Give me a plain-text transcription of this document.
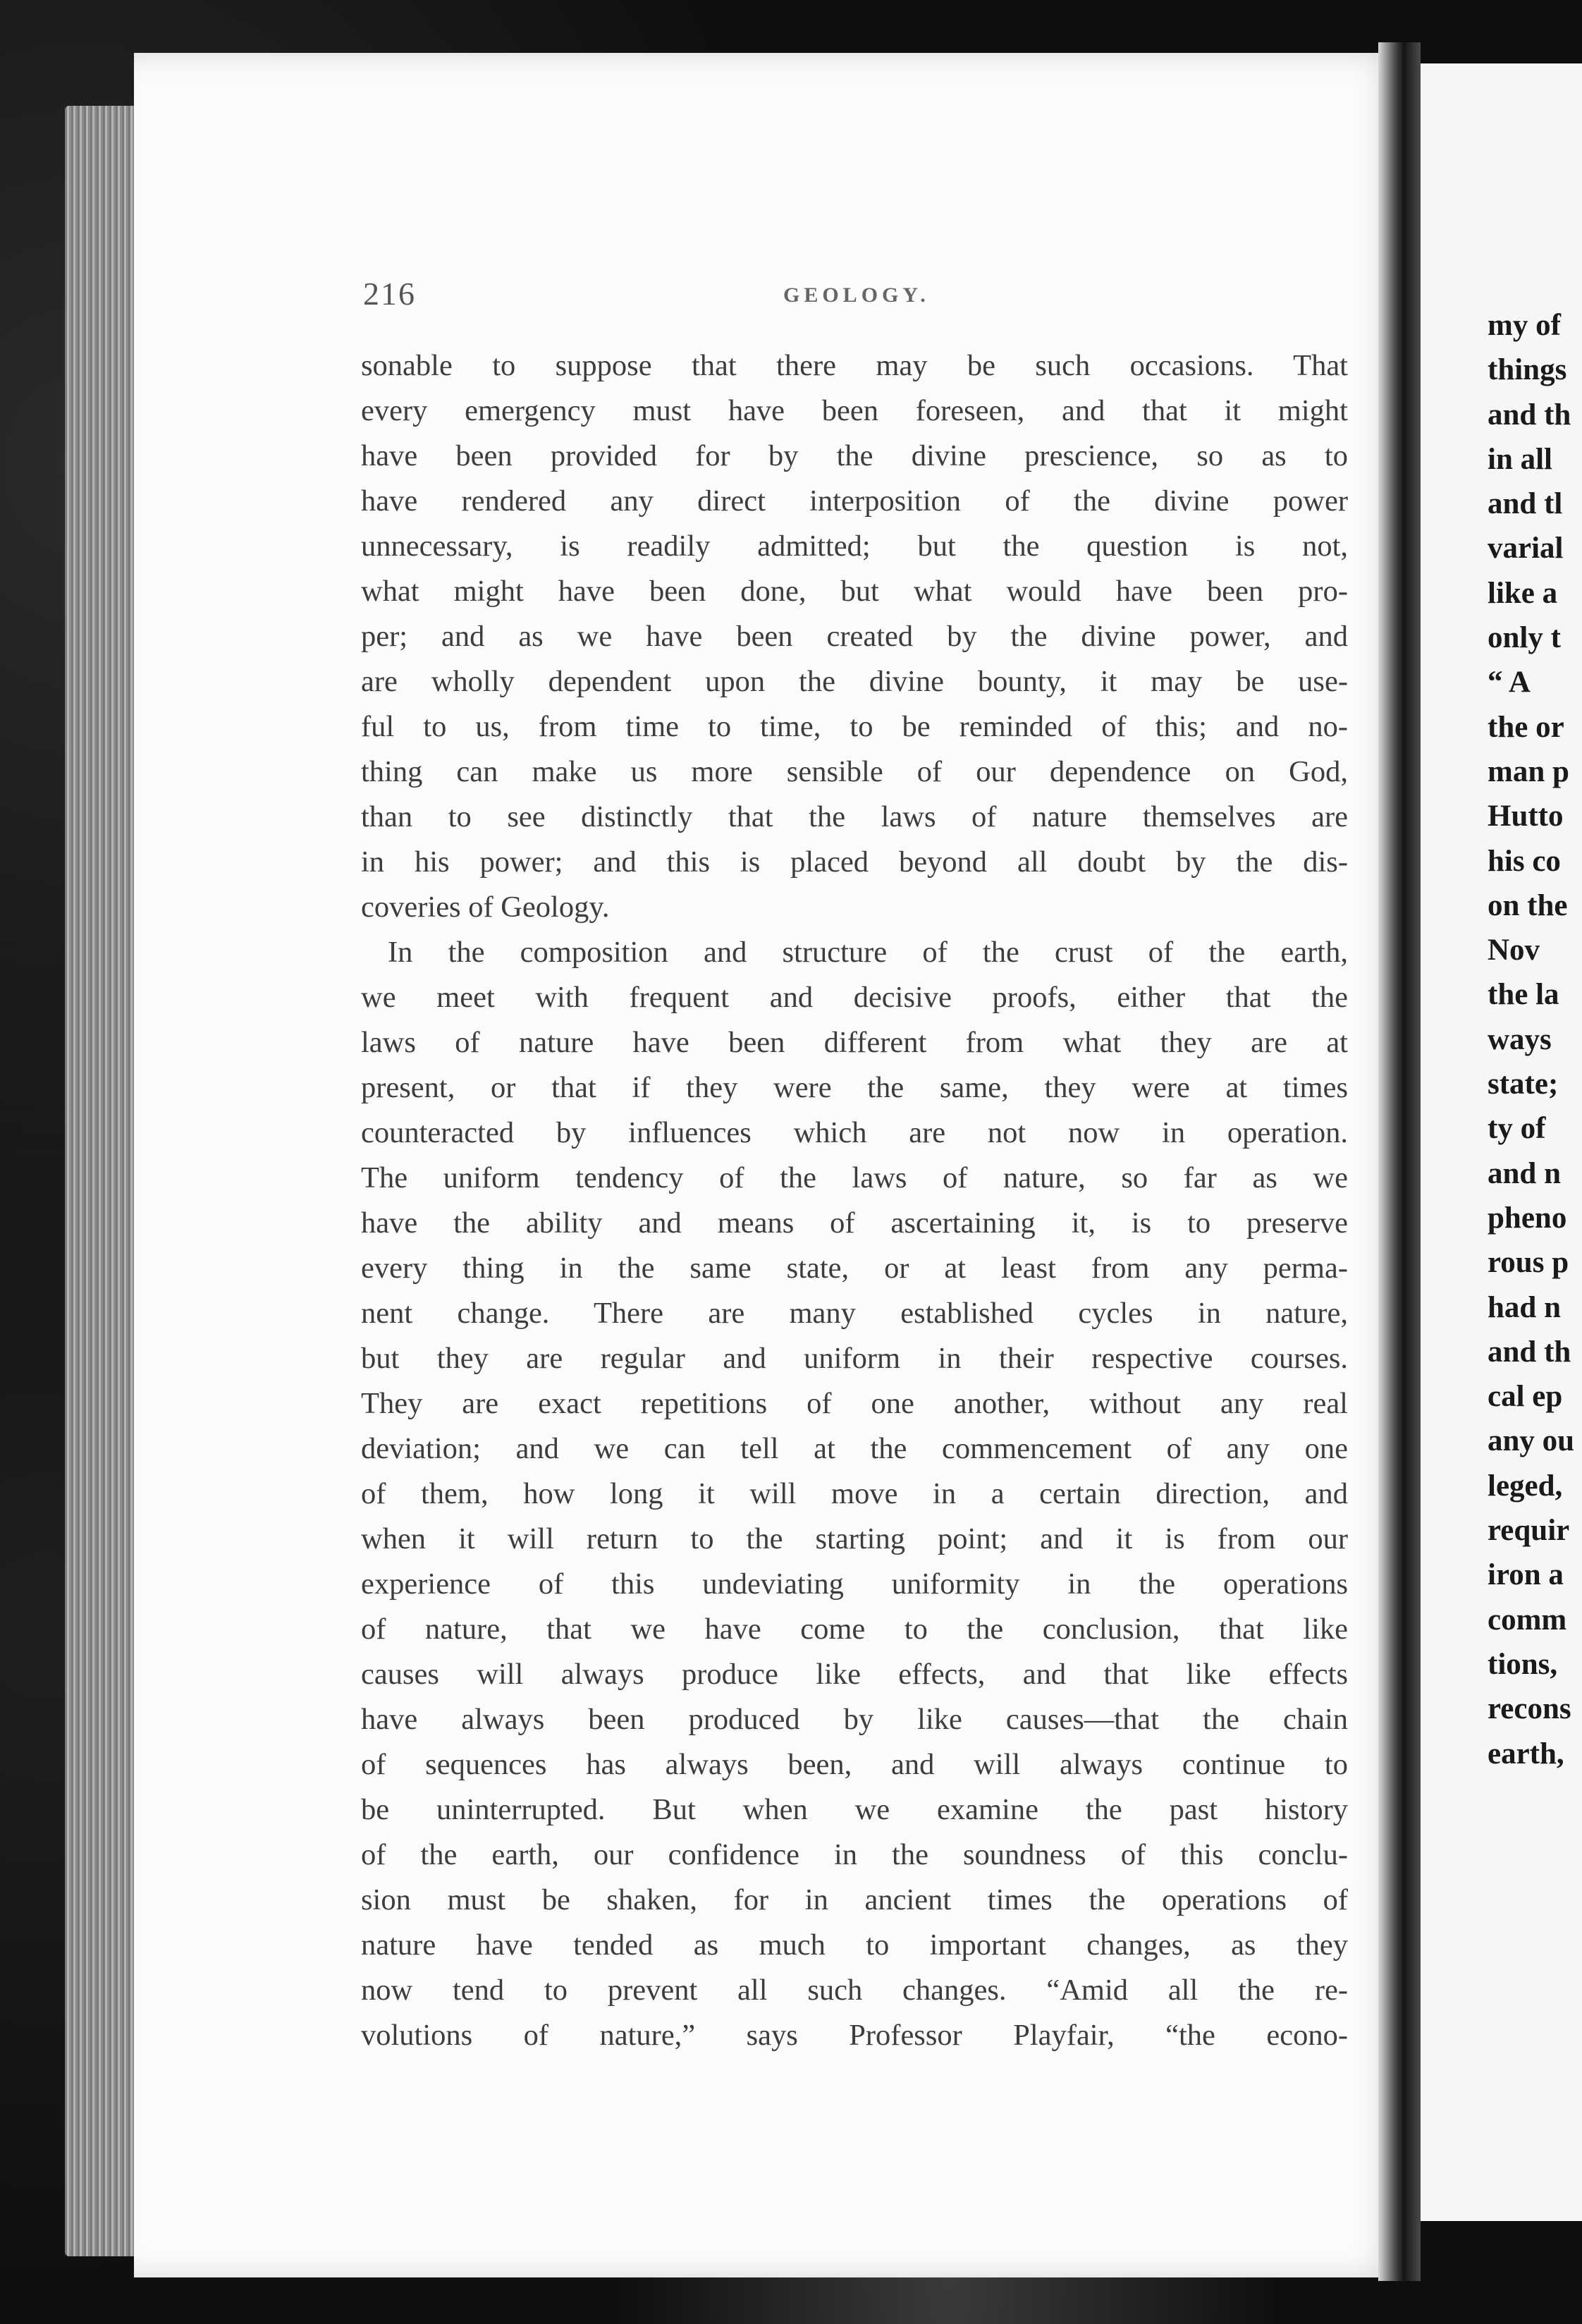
216	GEOLOGY.
sonable to suppose that there may be such occasions. That
every emergency must have been foreseen, and that it might
have been provided for by the divine prescience, so as to
have rendered any direct interposition of the divine power
unnecessary, is readily admitted; but the question is not,
what might have been done, but what would have been pro-
per; and as we have been created by the divine power, and
are wholly dependent upon the divine bounty, it may be use-
ful to us, from time to time, to be reminded of this; and no-
thing can make us more sensible of our dependence on God,
than to see distinctly that the laws of nature themselves are
in his power; and this is placed beyond all doubt by the dis-
coveries of Geology.
In the composition and structure of the crust of the earth,
we meet with frequent and decisive proofs, either that the
laws of nature have been different from what they are at
present, or that if they were the same, they were at times
counteracted by influences which are not now in operation.
The uniform tendency of the laws of nature, so far as we
have the ability and means of ascertaining it, is to preserve
every thing in the same state, or at least from any perma-
nent change. There are many established cycles in nature,
but they are regular and uniform in their respective courses.
They are exact repetitions of one another, without any real
deviation; and we can tell at the commencement of any one
of them, how long it will move in a certain direction, and
when it will return to the starting point; and it is from our
experience of this undeviating uniformity in the operations
of nature, that we have come to the conclusion, that like
causes will always produce like effects, and that like effects
have always been produced by like causes—that the chain
of sequences has always been, and will always continue to
be uninterrupted. But when we examine the past history
of the earth, our confidence in the soundness of this conclu-
sion must be shaken, for in ancient times the operations of
nature have tended as much to important changes, as they
now tend to prevent all such changes. “Amid all the re-
volutions of nature,” says Professor Playfair, “the econo-
my of
things
and th
in all
and tl
varial
like a
only t
“ A
the or
man p
Hutto
his co
on the
Nov
the la
ways
state;
ty of
and n
pheno
rous p
had n
and th
cal ep
any ou
leged,
requir
iron a
comm
tions,
recons
earth,
